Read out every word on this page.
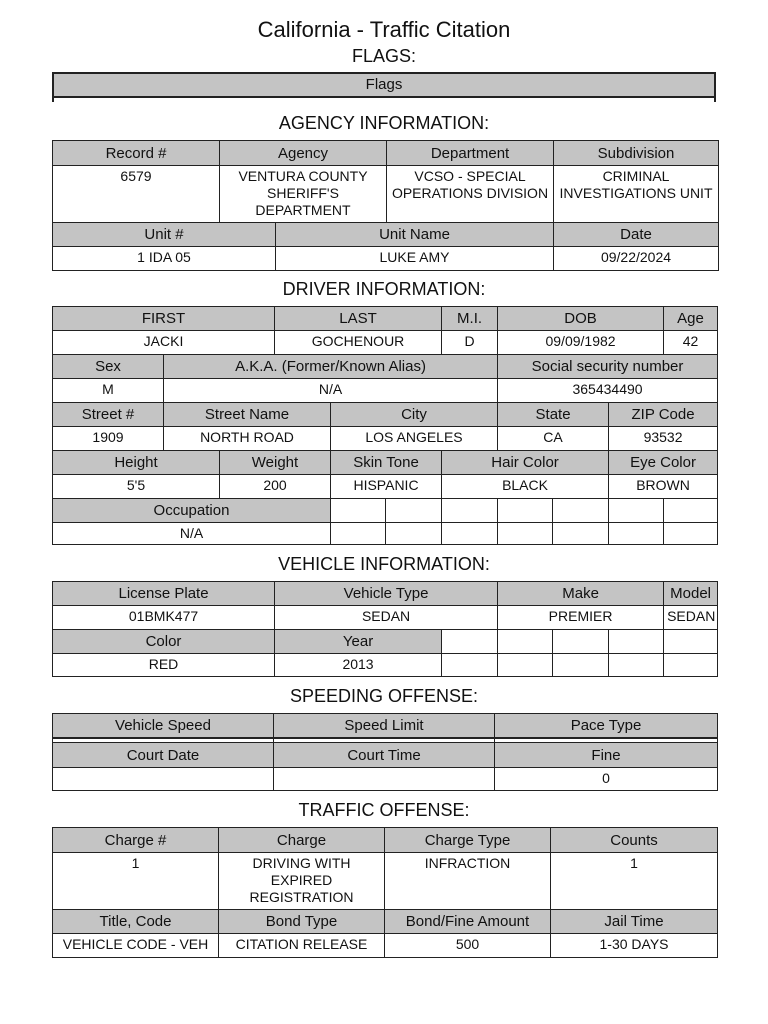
California - Traffic Citation
FLAGS:
Flags
AGENCY INFORMATION:
Record #	Agency		Department	Subdivision
6579	VENTURA COUNTY SHERIFF'S DEPARTMENT		VCSO - SPECIAL OPERATIONS DIVISION	CRIMINAL INVESTIGATIONS UNIT
Unit #		Unit Name		Date
1 IDA 05		LUKE AMY		09/22/2024
DRIVER INFORMATION:
FIRST			LAST			M.I.	DOB			Age
JACKI			GOCHENOUR			D	09/09/1982			42
Sex	A.K.A. (Former/Known Alias)						Social security number			
M	N/A						365434490			
Street #	Street Name			City			State		ZIP Code	
1909	NORTH ROAD			LOS ANGELES			CA		93532	
Height		Weight		Skin Tone		Hair Color			Eye Color	
5'5		200		HISPANIC		BLACK			BROWN	
Occupation										
N/A										
VEHICLE INFORMATION:
License Plate	Vehicle Type		Make			Model
01BMK477	SEDAN		PREMIER			SEDAN
Color	Year					
RED	2013					
SPEEDING OFFENSE:
Vehicle Speed	Speed Limit	Pace Type

Court Date	Court Time	Fine
		0
TRAFFIC OFFENSE:
Charge #	Charge	Charge Type	Counts
1	DRIVING WITH EXPIRED REGISTRATION	INFRACTION	1
Title, Code	Bond Type	Bond/Fine Amount	Jail Time
VEHICLE CODE - VEH	CITATION RELEASE	500	1-30 DAYS
